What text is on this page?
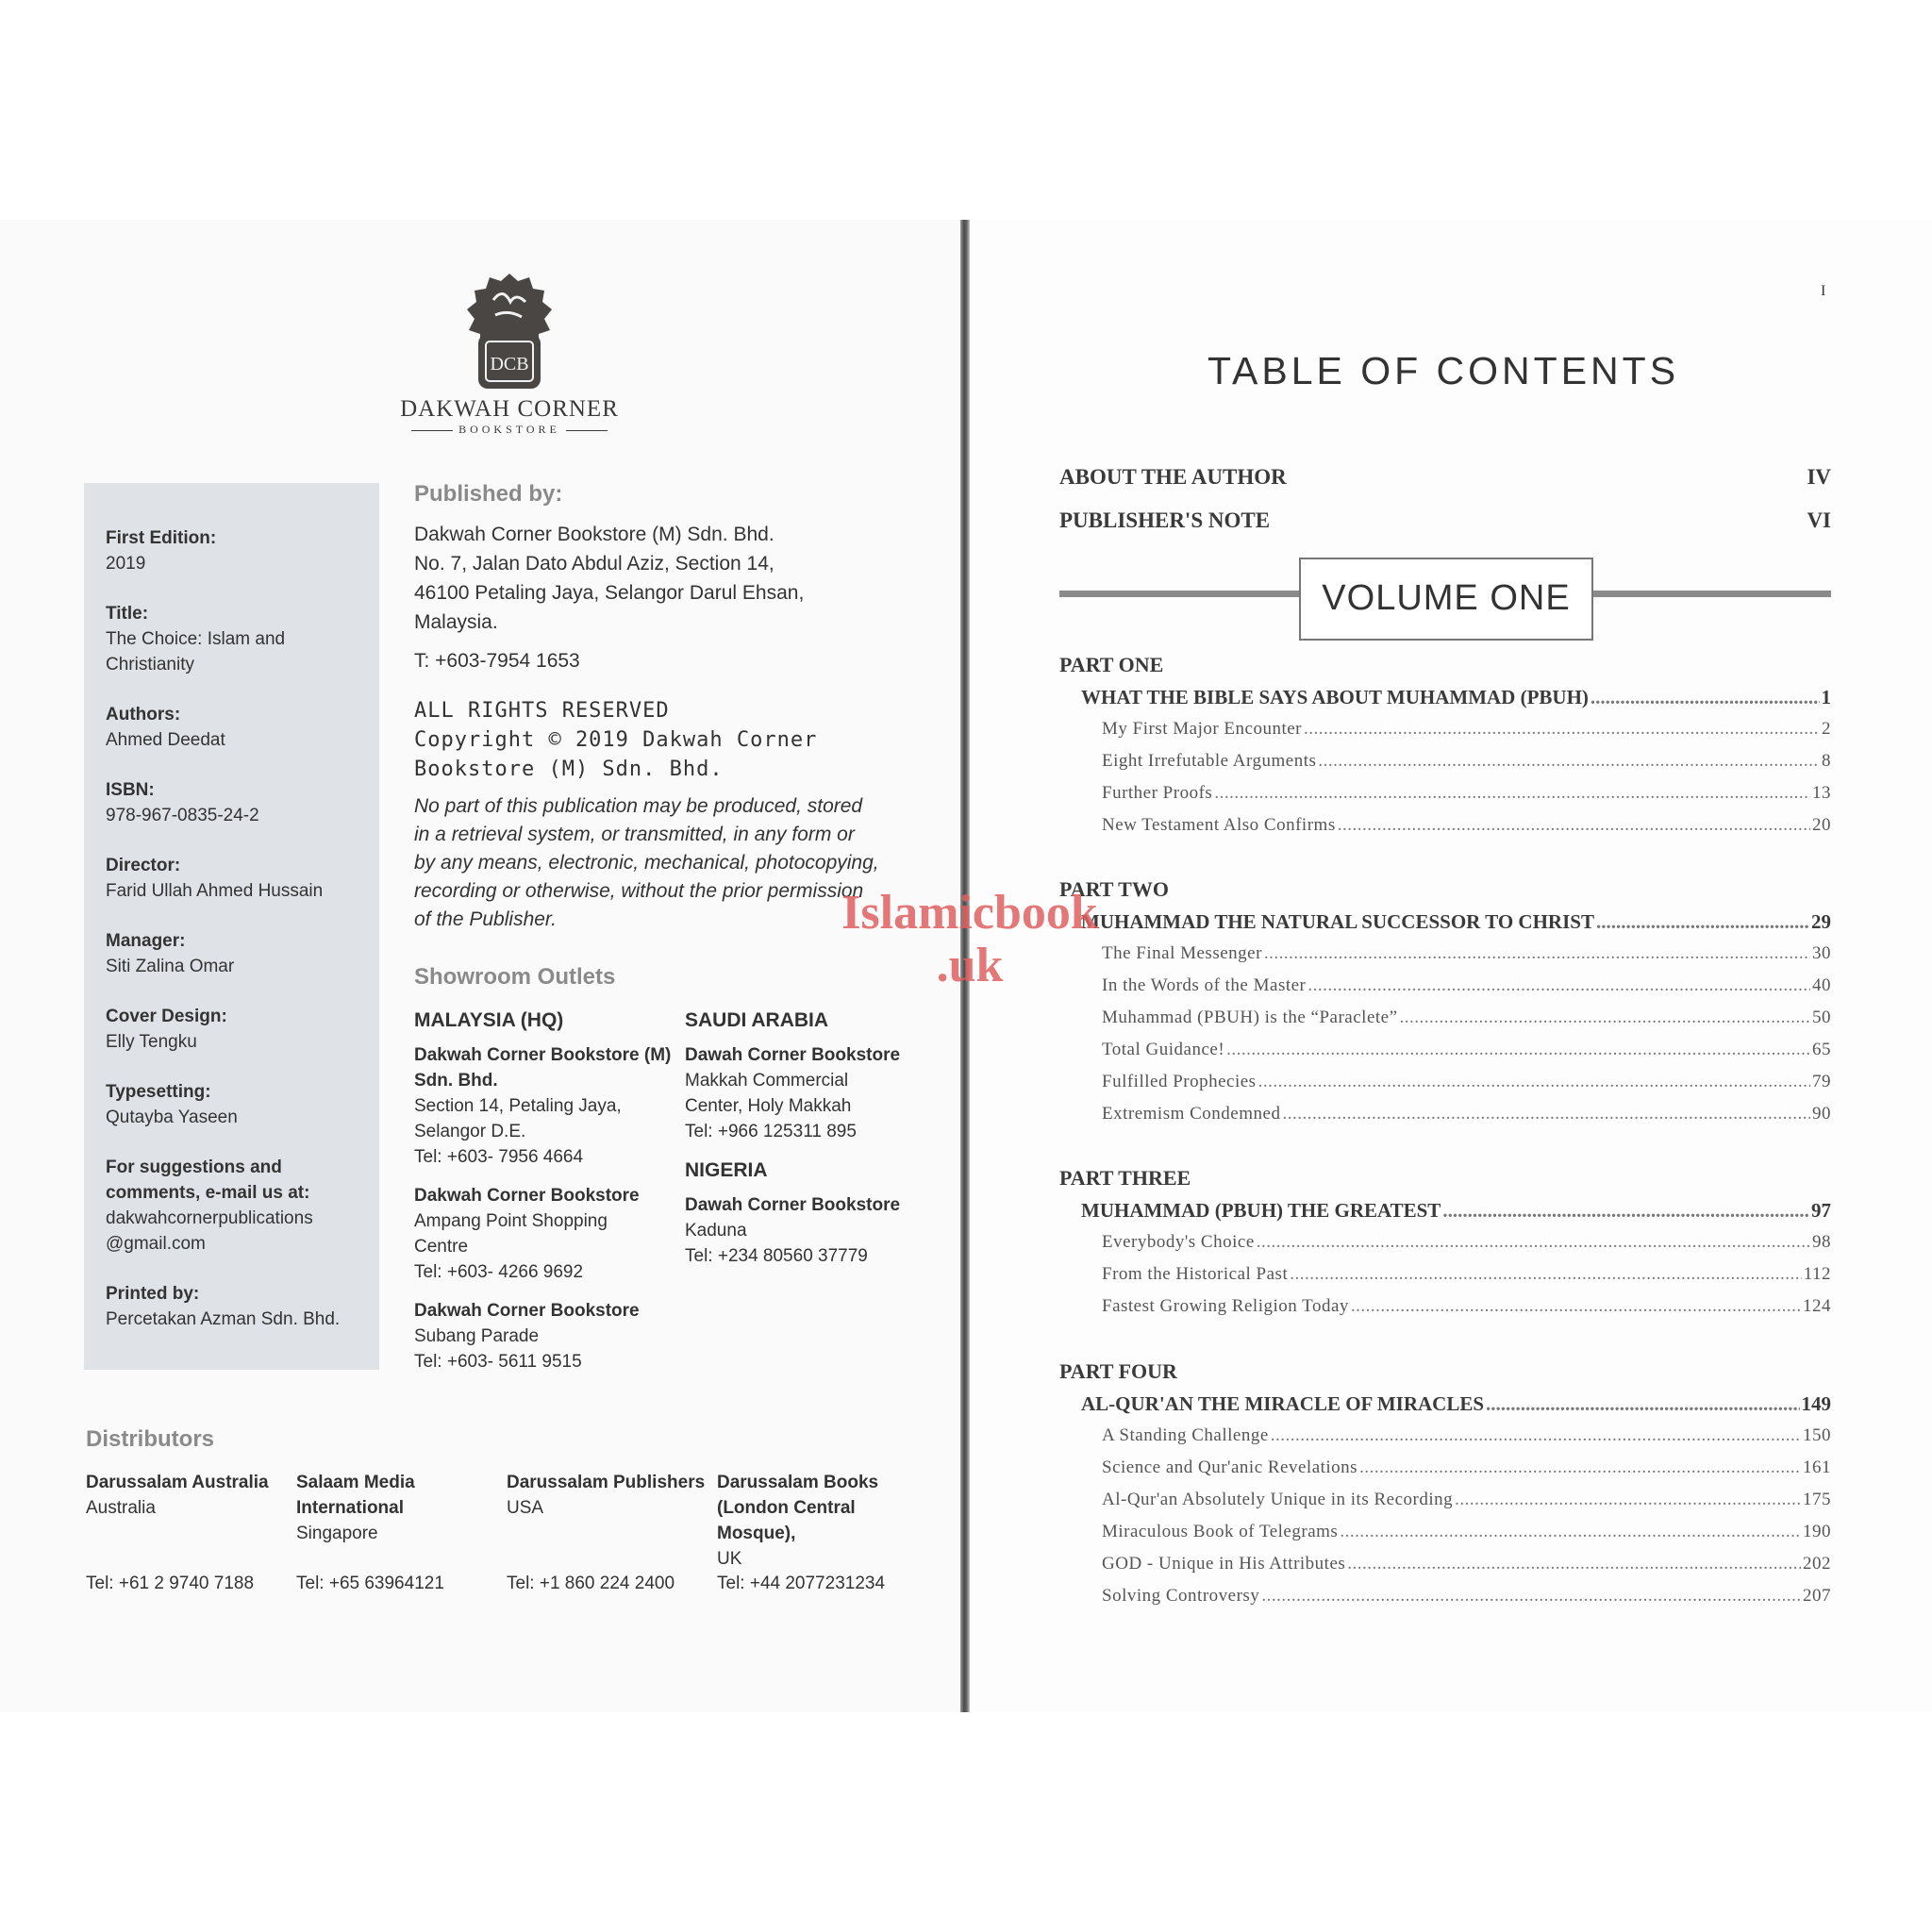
DCB
DAKWAH CORNER
BOOKSTORE
First Edition:
2019
Title:
The Choice: Islam and Christianity
Authors:
Ahmed Deedat
ISBN:
978-967-0835-24-2
Director:
Farid Ullah Ahmed Hussain
Manager:
Siti Zalina Omar
Cover Design:
Elly Tengku
Typesetting:
Qutayba Yaseen
For suggestions and comments, e-mail us at:
dakwahcornerpublications @gmail.com
Printed by:
Percetakan Azman Sdn. Bhd.
Published by:
Dakwah Corner Bookstore (M) Sdn. Bhd.
No. 7, Jalan Dato Abdul Aziz, Section 14,
46100 Petaling Jaya, Selangor Darul Ehsan,
Malaysia.
T: +603-7954 1653
ALL RIGHTS RESERVED
Copyright © 2019 Dakwah Corner Bookstore (M) Sdn. Bhd.
No part of this publication may be produced, stored
in a retrieval system, or transmitted, in any form or
by any means, electronic, mechanical, photocopying,
recording or otherwise, without the prior permission
of the Publisher.
Showroom Outlets
MALAYSIA (HQ)
Dakwah Corner Bookstore (M) Sdn. Bhd.
Section 14, Petaling Jaya,
Selangor D.E.
Tel: +603- 7956 4664
Dakwah Corner Bookstore
Ampang Point Shopping
Centre
Tel: +603- 4266 9692
Dakwah Corner Bookstore
Subang Parade
Tel: +603- 5611 9515
SAUDI ARABIA
Dawah Corner Bookstore
Makkah Commercial
Center, Holy Makkah
Tel: +966 125311 895
NIGERIA
Dawah Corner Bookstore
Kaduna
Tel: +234 80560 37779
Distributors
Darussalam Australia
Australia
Tel: +61 2 9740 7188
Salaam Media International
Singapore
Tel: +65 63964121
Darussalam Publishers
USA
Tel: +1 860 224 2400
Darussalam Books (London Central Mosque),
UK
Tel: +44 2077231234
I
TABLE OF CONTENTS
ABOUT THE AUTHOR	IV
PUBLISHER'S NOTE	VI
VOLUME ONE
PART ONE
WHAT THE BIBLE SAYS ABOUT MUHAMMAD (PBUH) .....	1
My First Major Encounter .....	2
Eight Irrefutable Arguments .....	8
Further Proofs .....	13
New Testament Also Confirms .....	20
PART TWO
MUHAMMAD THE NATURAL SUCCESSOR TO CHRIST .....	29
The Final Messenger .....	30
In the Words of the Master .....	40
Muhammad (PBUH) is the “Paraclete” .....	50
Total Guidance! .....	65
Fulfilled Prophecies .....	79
Extremism Condemned .....	90
PART THREE
MUHAMMAD (PBUH) THE GREATEST .....	97
Everybody's Choice .....	98
From the Historical Past .....	112
Fastest Growing Religion Today .....	124
PART FOUR
AL-QUR'AN THE MIRACLE OF MIRACLES .....	149
A Standing Challenge .....	150
Science and Qur'anic Revelations .....	161
Al-Qur'an Absolutely Unique in its Recording .....	175
Miraculous Book of Telegrams .....	190
GOD - Unique in His Attributes .....	202
Solving Controversy .....	207
Islamicbook
.uk
